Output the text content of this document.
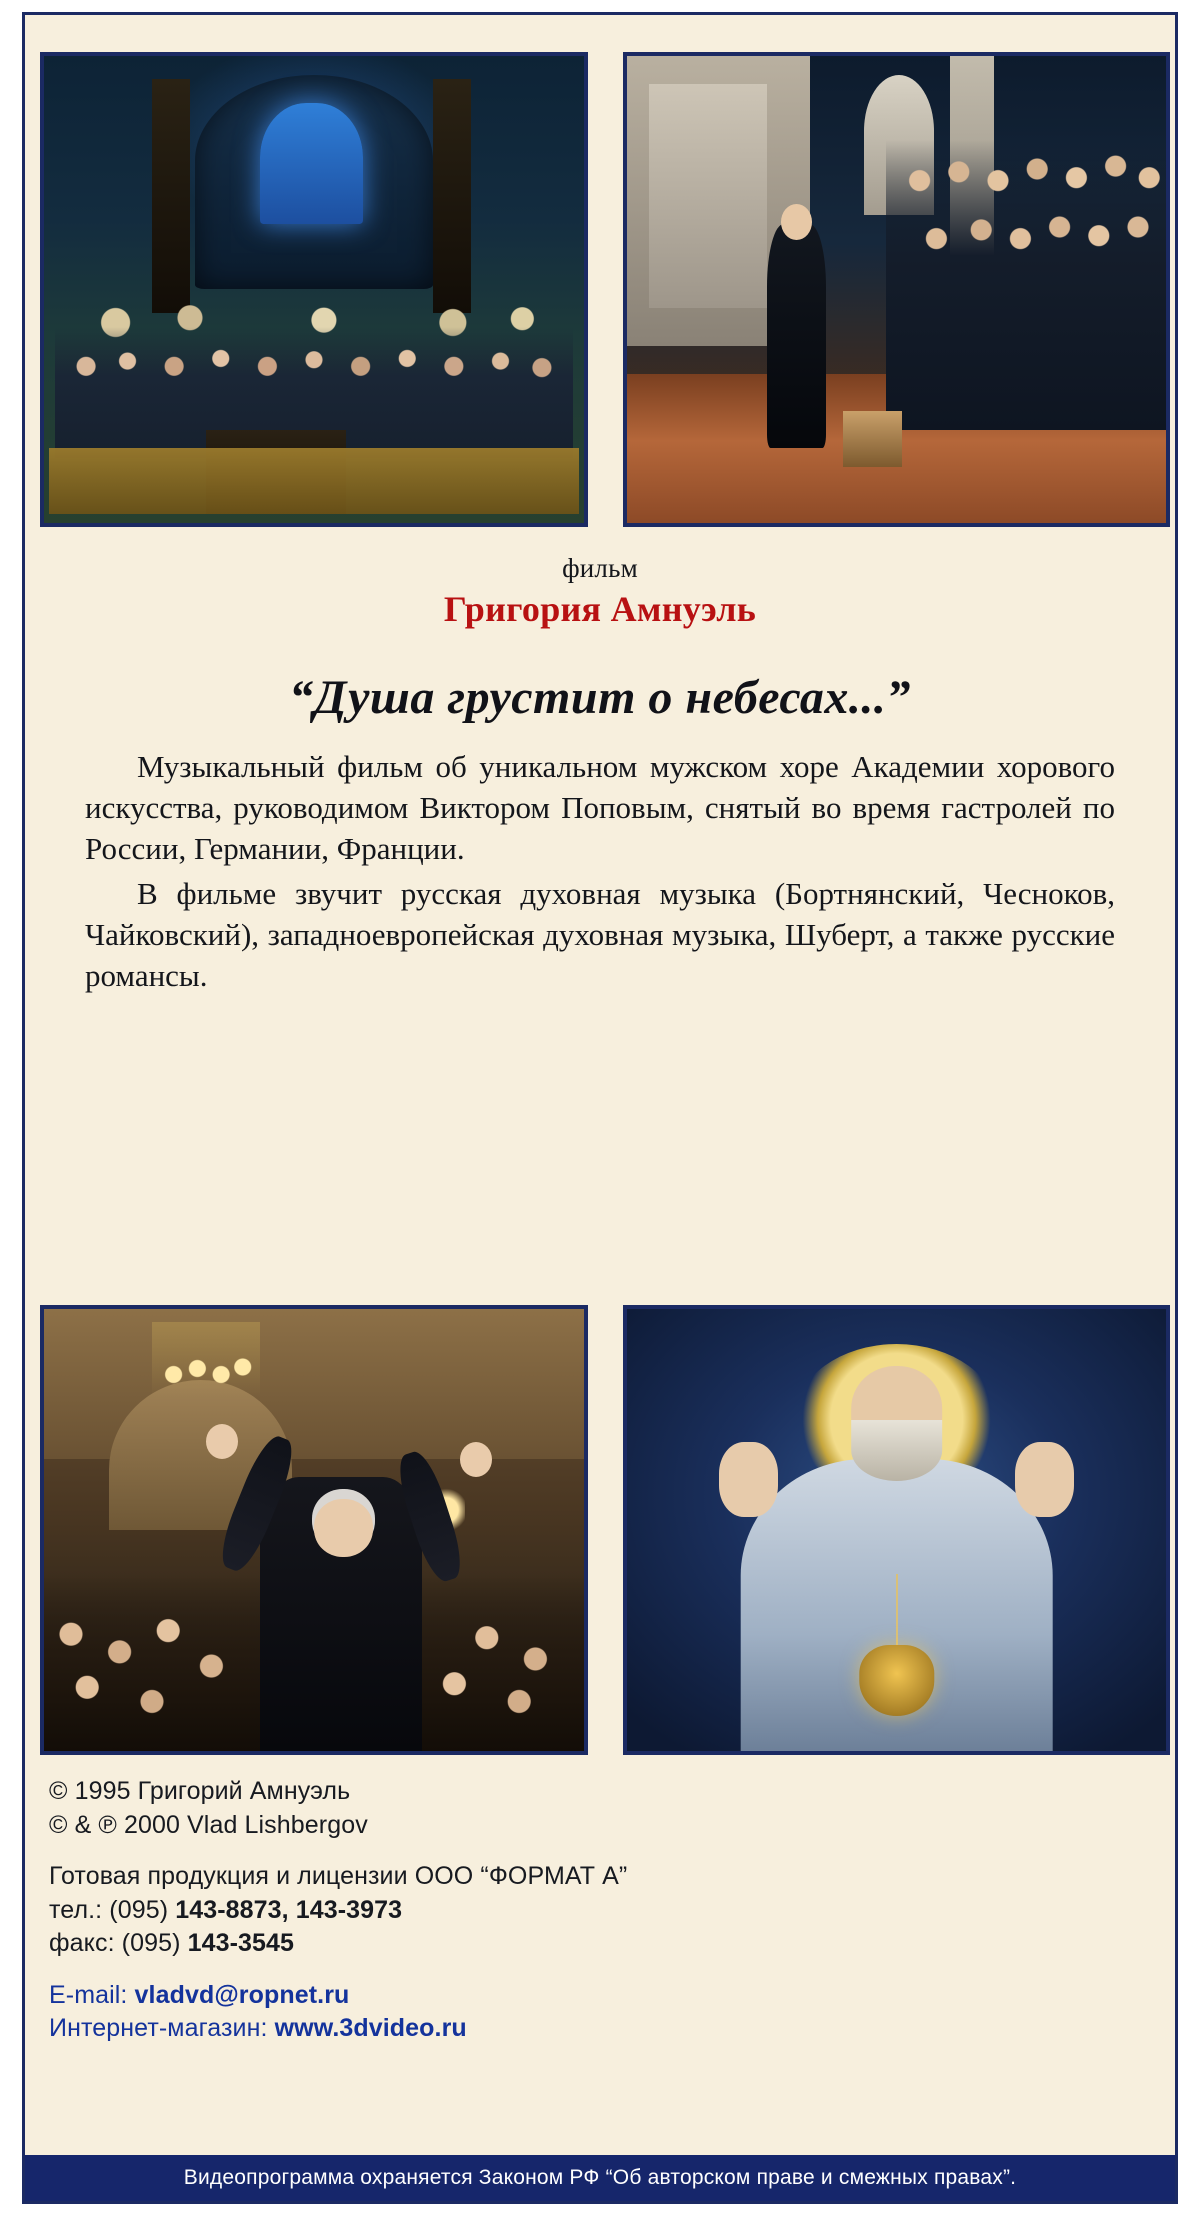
фильм
Григория Амнуэль
“Душа грустит о небесах...”
Музыкальный фильм об уникальном мужском хоре Академии хорового искусства, руководимом Виктором Поповым, снятый во время гастролей по России, Германии, Франции.
В фильме звучит русская духовная музыка (Бортнянский, Чесноков, Чайковский), западноевропейская духовная музыка, Шуберт, а также русские романсы.
© 1995 Григорий Амнуэль
© & ℗ 2000 Vlad Lishbergov
Готовая продукция и лицензии ООО “ФОРМАТ А”
тел.: (095) 143-8873, 143-3973
факс: (095) 143-3545
E-mail: vladvd@ropnet.ru
Интернет-магазин: www.3dvideo.ru
Видеопрограмма охраняется Законом РФ “Об авторском праве и смежных правах”.
